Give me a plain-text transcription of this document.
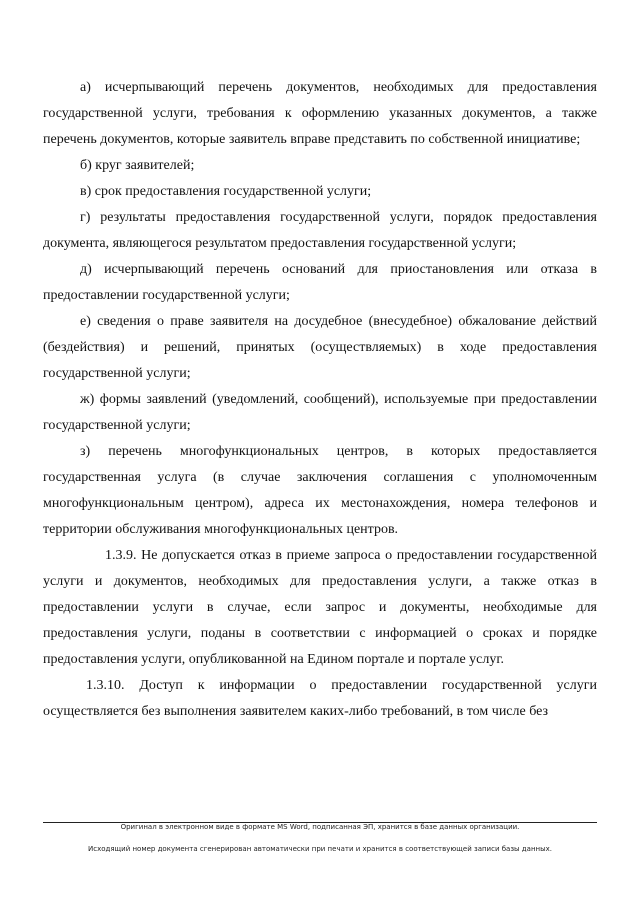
а) исчерпывающий перечень документов, необходимых для предоставления государственной услуги, требования к оформлению указанных документов, а также перечень документов, которые заявитель вправе представить по собственной инициативе;

б) круг заявителей;

в) срок предоставления государственной услуги;

г) результаты предоставления государственной услуги, порядок предоставления документа, являющегося результатом предоставления государственной услуги;

д) исчерпывающий перечень оснований для приостановления или отказа в предоставлении государственной услуги;

е) сведения о праве заявителя на досудебное (внесудебное) обжалование действий (бездействия) и решений, принятых (осуществляемых) в ходе предоставления государственной услуги;

ж) формы заявлений (уведомлений, сообщений), используемые при предоставлении государственной услуги;

з) перечень многофункциональных центров, в которых предоставляется государственная услуга (в случае заключения соглашения с уполномоченным многофункциональным центром), адреса их местонахождения, номера телефонов и территории обслуживания многофункциональных центров.

1.3.9. Не допускается отказ в приеме запроса о предоставлении государственной услуги и документов, необходимых для предоставления услуги, а также отказ в предоставлении услуги в случае, если запрос и документы, необходимые для предоставления услуги, поданы в соответствии с информацией о сроках и порядке предоставления услуги, опубликованной на Едином портале и портале услуг.

1.3.10. Доступ к информации о предоставлении государственной услуги осуществляется без выполнения заявителем каких-либо требований, в том числе без

Оригинал в электронном виде в формате MS Word, подписанная ЭП, хранится в базе данных организации.
Исходящий номер документа сгенерирован автоматически при печати и хранится в соответствующей записи базы данных.
